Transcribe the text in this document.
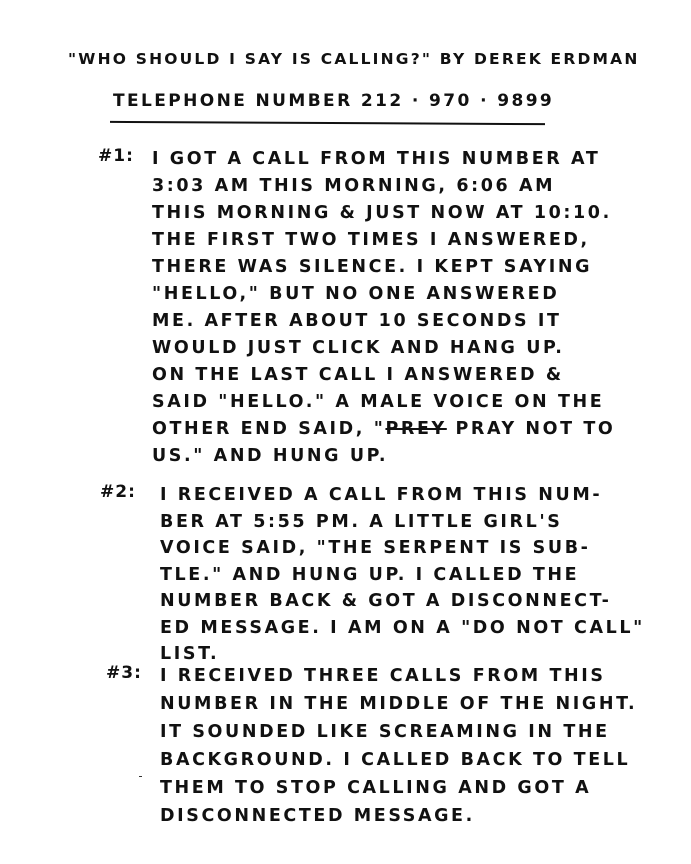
"WHO SHOULD I SAY IS CALLING?" BY DEREK ERDMAN
TELEPHONE NUMBER 212 · 970 · 9899
#1: I GOT A CALL FROM THIS NUMBER AT
3:03 AM THIS MORNING, 6:06 AM
THIS MORNING & JUST NOW AT 10:10.
THE FIRST TWO TIMES I ANSWERED,
THERE WAS SILENCE. I KEPT SAYING
"HELLO," BUT NO ONE ANSWERED
ME. AFTER ABOUT 10 SECONDS IT
WOULD JUST CLICK AND HANG UP.
ON THE LAST CALL I ANSWERED &
SAID "HELLO." A MALE VOICE ON THE
OTHER END SAID, "PREY PRAY NOT TO
US." AND HUNG UP.
#2: I RECEIVED A CALL FROM THIS NUM-
BER AT 5:55 PM. A LITTLE GIRL'S
VOICE SAID, "THE SERPENT IS SUB-
TLE." AND HUNG UP. I CALLED THE
NUMBER BACK & GOT A DISCONNECT-
ED MESSAGE. I AM ON A "DO NOT CALL"
LIST.
#3: I RECEIVED THREE CALLS FROM THIS
NUMBER IN THE MIDDLE OF THE NIGHT.
IT SOUNDED LIKE SCREAMING IN THE
BACKGROUND. I CALLED BACK TO TELL
THEM TO STOP CALLING AND GOT A
DISCONNECTED MESSAGE.
